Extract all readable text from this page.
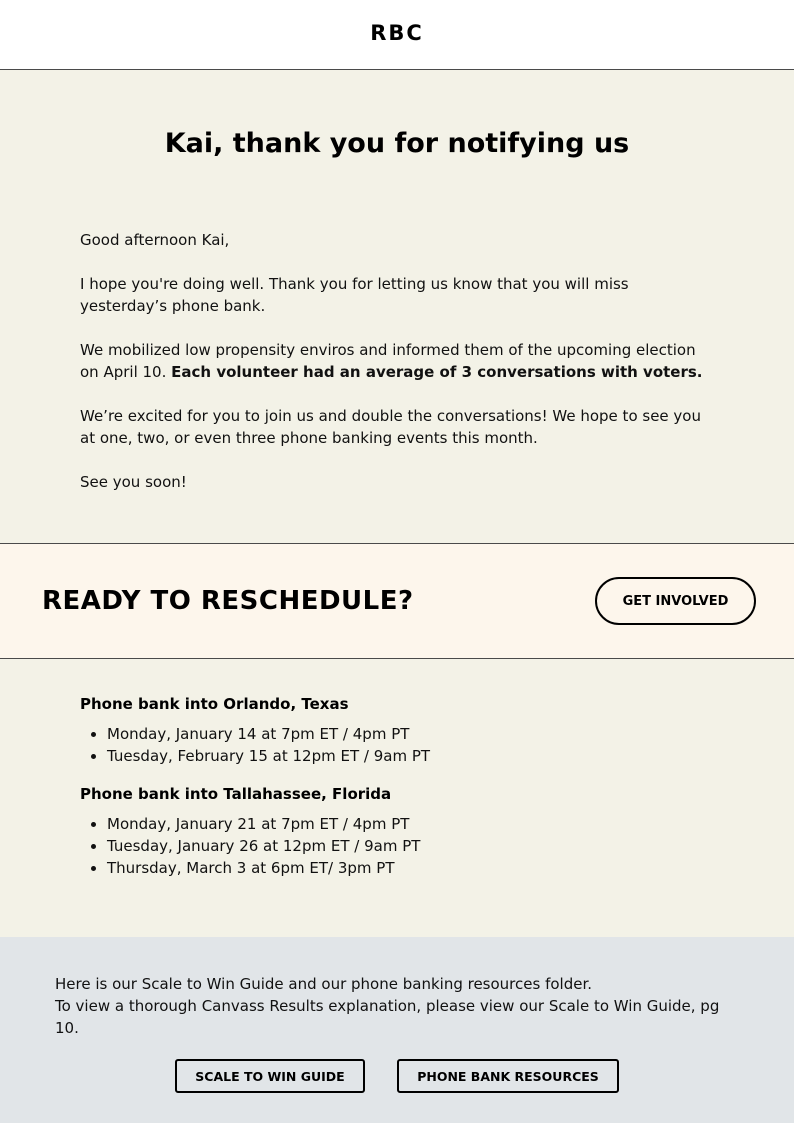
RBC
Kai, thank you for notifying us

Good afternoon Kai,

I hope you're doing well. Thank you for letting us know that you will miss yesterday’s phone bank.

We mobilized low propensity enviros and informed them of the upcoming election on April 10. Each volunteer had an average of 3 conversations with voters.

We’re excited for you to join us and double the conversations! We hope to see you at one, two, or even three phone banking events this month.

See you soon!

READY TO RESCHEDULE?	GET INVOLVED
Phone bank into Orlando, Texas
• Monday, January 14 at 7pm ET / 4pm PT
• Tuesday, February 15 at 12pm ET / 9am PT
Phone bank into Tallahassee, Florida
• Monday, January 21 at 7pm ET / 4pm PT
• Tuesday, January 26 at 12pm ET / 9am PT
• Thursday, March 3 at 6pm ET/ 3pm PT
Here is our Scale to Win Guide and our phone banking resources folder.
To view a thorough Canvass Results explanation, please view our Scale to Win Guide, pg 10.
SCALE TO WIN GUIDE	PHONE BANK RESOURCES
